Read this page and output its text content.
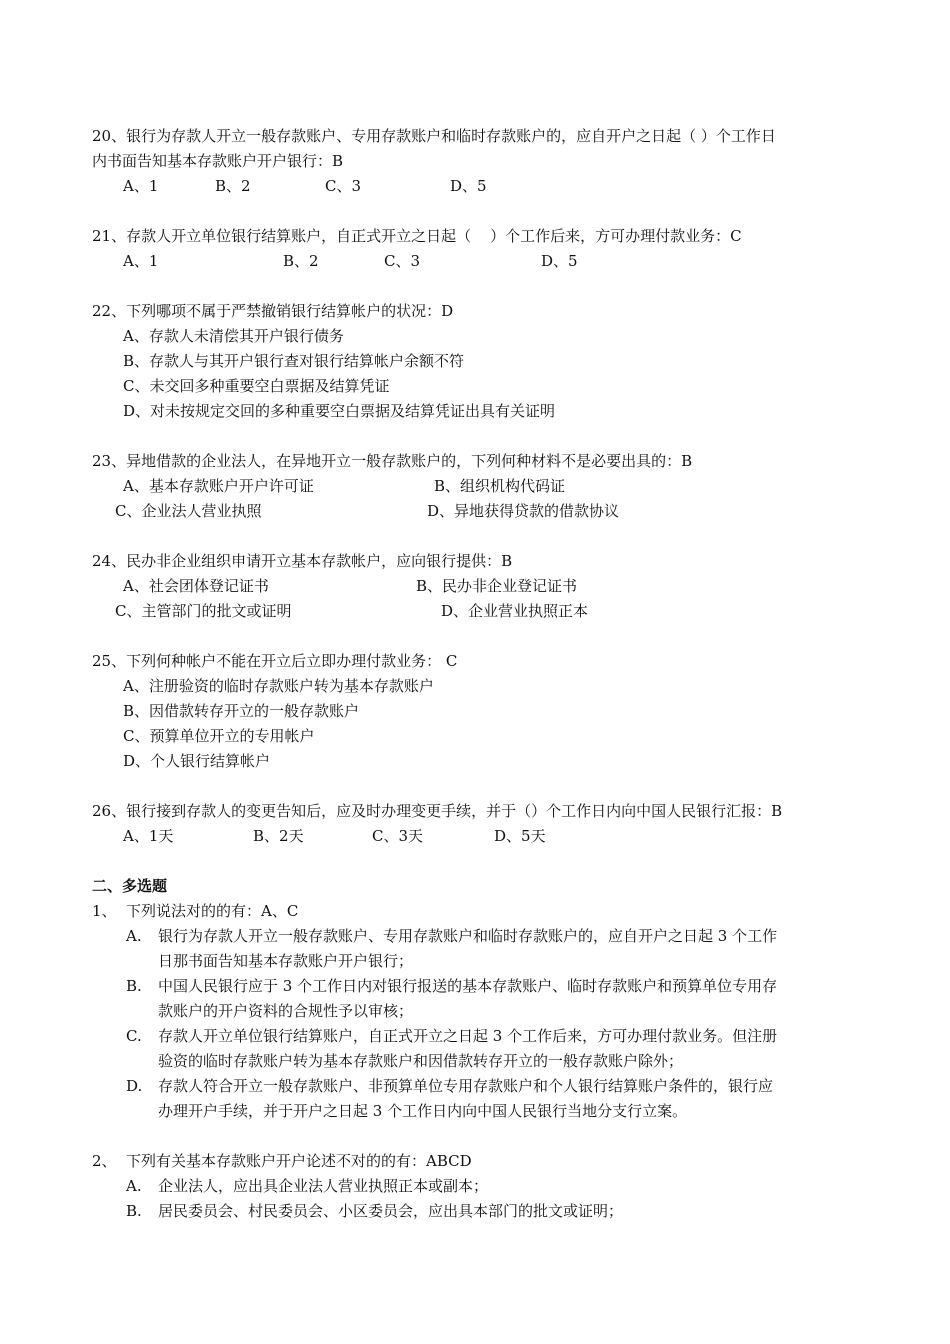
20、银行为存款人开立一般存款账户、专用存款账户和临时存款账户的，应自开户之日起（ ）个工作日
内书面告知基本存款账户开户银行：B
A、1	B、2	C、3	D、5
21、存款人开立单位银行结算账户，自正式开立之日起（    ）个工作后来，方可办理付款业务：C
A、1	B、2	C、3	D、5
22、下列哪项不属于严禁撤销银行结算帐户的状况：D
A、存款人未清偿其开户银行债务
B、存款人与其开户银行查对银行结算帐户余额不符
C、未交回多种重要空白票据及结算凭证
D、对未按规定交回的多种重要空白票据及结算凭证出具有关证明
23、异地借款的企业法人，在异地开立一般存款账户的，下列何种材料不是必要出具的：B
A、基本存款账户开户许可证	B、组织机构代码证
C、企业法人营业执照	D、异地获得贷款的借款协议
24、民办非企业组织申请开立基本存款帐户，应向银行提供：B
A、社会团体登记证书	B、民办非企业登记证书
C、主管部门的批文或证明	D、企业营业执照正本
25、下列何种帐户不能在开立后立即办理付款业务： C
A、注册验资的临时存款账户转为基本存款账户
B、因借款转存开立的一般存款账户
C、预算单位开立的专用帐户
D、个人银行结算帐户
26、银行接到存款人的变更告知后，应及时办理变更手续，并于（）个工作日内向中国人民银行汇报：B
A、1天	B、2天	C、3天	D、5天
二、多选题
1、 下列说法对的的有：A、C
A. 银行为存款人开立一般存款账户、专用存款账户和临时存款账户的，应自开户之日起 3 个工作
日那书面告知基本存款账户开户银行；
B. 中国人民银行应于 3 个工作日内对银行报送的基本存款账户、临时存款账户和预算单位专用存
款账户的开户资料的合规性予以审核；
C. 存款人开立单位银行结算账户，自正式开立之日起 3 个工作后来，方可办理付款业务。但注册
验资的临时存款账户转为基本存款账户和因借款转存开立的一般存款账户除外；
D. 存款人符合开立一般存款账户、非预算单位专用存款账户和个人银行结算账户条件的，银行应
办理开户手续，并于开户之日起 3 个工作日内向中国人民银行当地分支行立案。
2、 下列有关基本存款账户开户论述不对的的有：ABCD
A. 企业法人，应出具企业法人营业执照正本或副本；
B. 居民委员会、村民委员会、小区委员会，应出具本部门的批文或证明；
